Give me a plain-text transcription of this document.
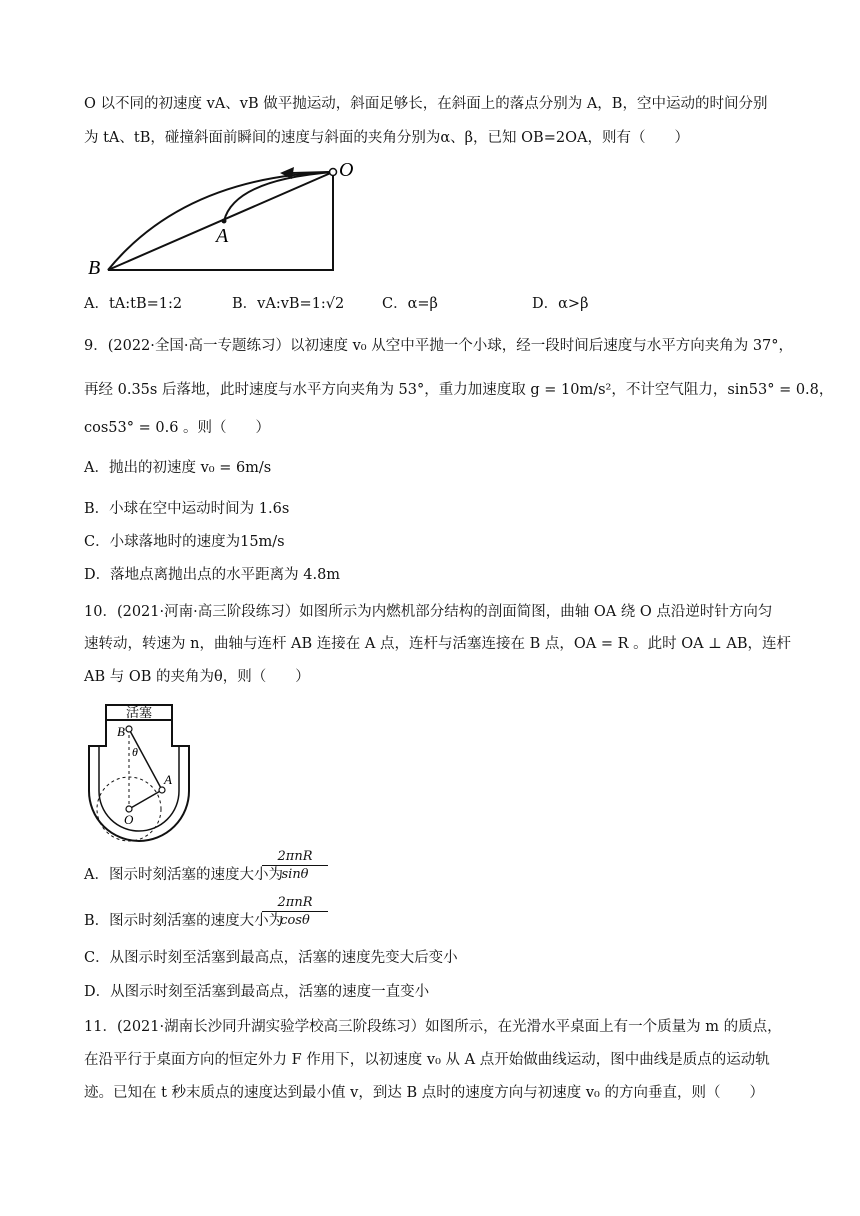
O 以不同的初速度 vA、vB 做平抛运动，斜面足够长，在斜面上的落点分别为 A，B，空中运动的时间分别
为 tA、tB，碰撞斜面前瞬间的速度与斜面的夹角分别为α、β，已知 OB=2OA，则有（　　）
O
A
B
A．tA:tB=1:2	B．vA:vB=1:√2	C．α=β	D．α>β
9．(2022·全国·高一专题练习）以初速度 v₀ 从空中平抛一个小球，经一段时间后速度与水平方向夹角为 37°，
再经 0.35s 后落地，此时速度与水平方向夹角为 53°，重力加速度取 g = 10m/s²，不计空气阻力，sin53° = 0.8，
cos53° = 0.6 。则（　　）
A．抛出的初速度 v₀ = 6m/s
B．小球在空中运动时间为 1.6s
C．小球落地时的速度为15m/s
D．落地点离抛出点的水平距离为 4.8m
10．(2021·河南·高三阶段练习）如图所示为内燃机部分结构的剖面简图，曲轴 OA 绕 O 点沿逆时针方向匀
速转动，转速为 n，曲轴与连杆 AB 连接在 A 点，连杆与活塞连接在 B 点，OA = R 。此时 OA ⊥ AB，连杆
AB 与 OB 的夹角为θ，则（　　）
活塞
B
θ
A
O
A．图示时刻活塞的速度大小为
2πnR
sinθ
B．图示时刻活塞的速度大小为
2πnR
cosθ
C．从图示时刻至活塞到最高点，活塞的速度先变大后变小
D．从图示时刻至活塞到最高点，活塞的速度一直变小
11．(2021·湖南长沙同升湖实验学校高三阶段练习）如图所示，在光滑水平桌面上有一个质量为 m 的质点，
在沿平行于桌面方向的恒定外力 F 作用下，以初速度 v₀ 从 A 点开始做曲线运动，图中曲线是质点的运动轨
迹。已知在 t 秒末质点的速度达到最小值 v，到达 B 点时的速度方向与初速度 v₀ 的方向垂直，则（　　）
